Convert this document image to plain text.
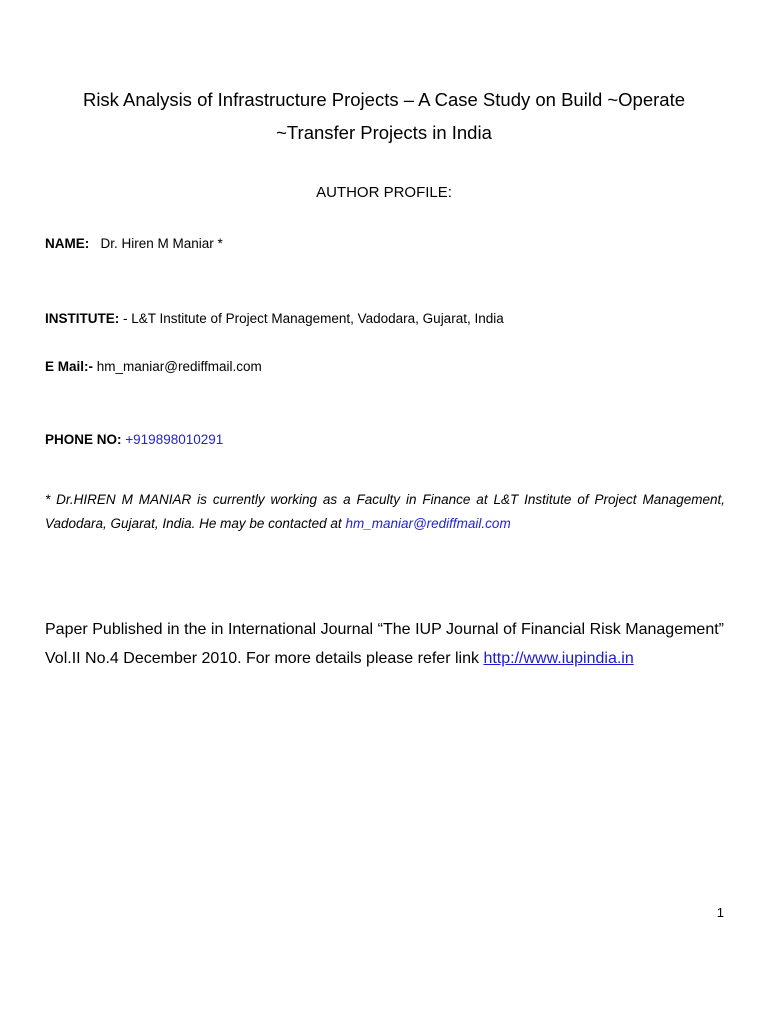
Risk Analysis of Infrastructure Projects – A Case Study on Build ~Operate
~Transfer Projects in India
AUTHOR PROFILE:
NAME: Dr. Hiren M Maniar *
INSTITUTE: - L&T Institute of Project Management, Vadodara, Gujarat, India
E Mail:- hm_maniar@rediffmail.com
PHONE NO: +919898010291
* Dr.HIREN M MANIAR is currently working as a Faculty in Finance at L&T Institute of Project Management, Vadodara, Gujarat, India. He may be contacted at hm_maniar@rediffmail.com
Paper Published in the in International Journal “The IUP Journal of Financial Risk Management” Vol.II No.4 December 2010. For more details please refer link http://www.iupindia.in
1
